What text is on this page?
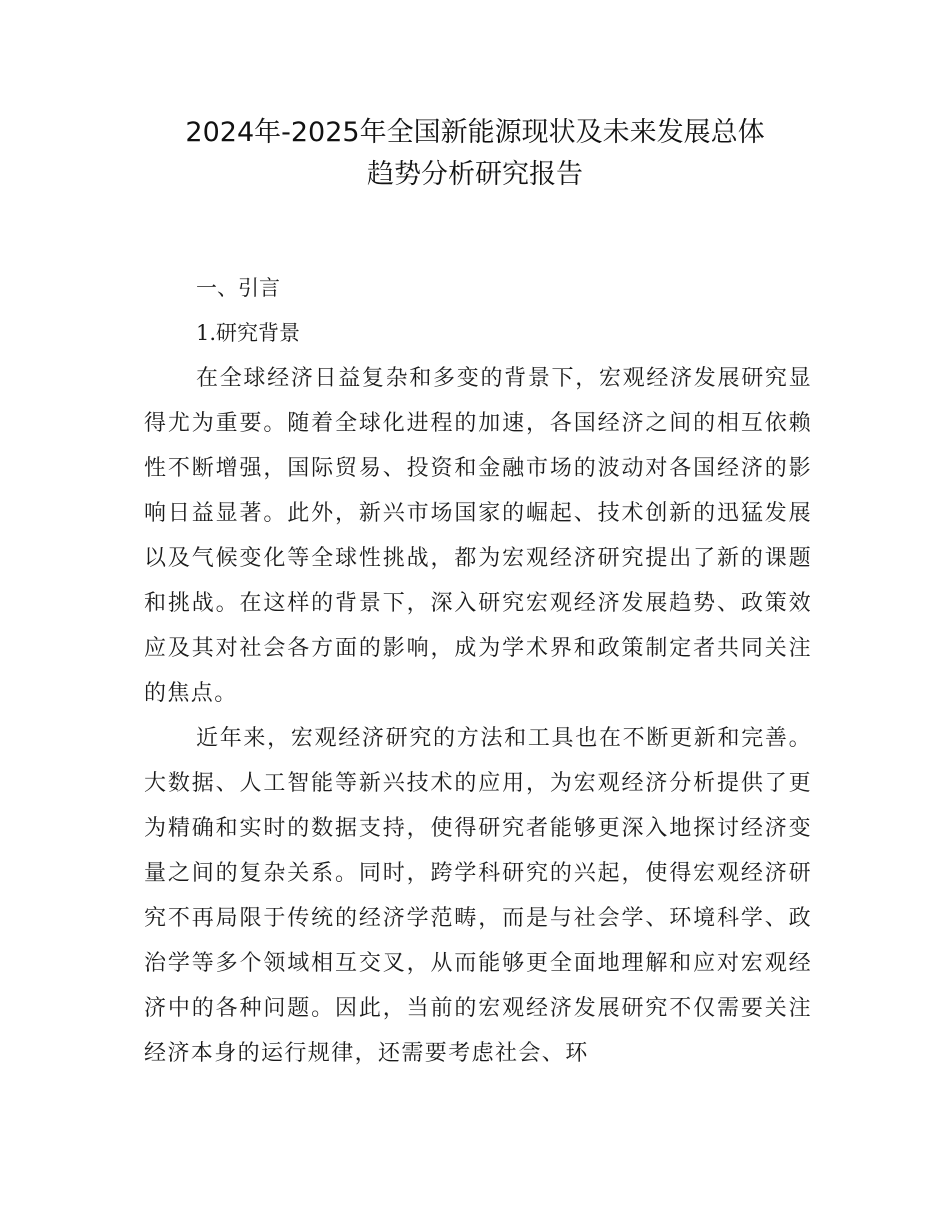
2024年-2025年全国新能源现状及未来发展总体
趋势分析研究报告

一、引言

1.研究背景

在全球经济日益复杂和多变的背景下，宏观经济发展研究显得尤为重要。随着全球化进程的加速，各国经济之间的相互依赖性不断增强，国际贸易、投资和金融市场的波动对各国经济的影响日益显著。此外，新兴市场国家的崛起、技术创新的迅猛发展以及气候变化等全球性挑战，都为宏观经济研究提出了新的课题和挑战。在这样的背景下，深入研究宏观经济发展趋势、政策效应及其对社会各方面的影响，成为学术界和政策制定者共同关注的焦点。

近年来，宏观经济研究的方法和工具也在不断更新和完善。大数据、人工智能等新兴技术的应用，为宏观经济分析提供了更为精确和实时的数据支持，使得研究者能够更深入地探讨经济变量之间的复杂关系。同时，跨学科研究的兴起，使得宏观经济研究不再局限于传统的经济学范畴，而是与社会学、环境科学、政治学等多个领域相互交叉，从而能够更全面地理解和应对宏观经济中的各种问题。因此，当前的宏观经济发展研究不仅需要关注经济本身的运行规律，还需要考虑社会、环
